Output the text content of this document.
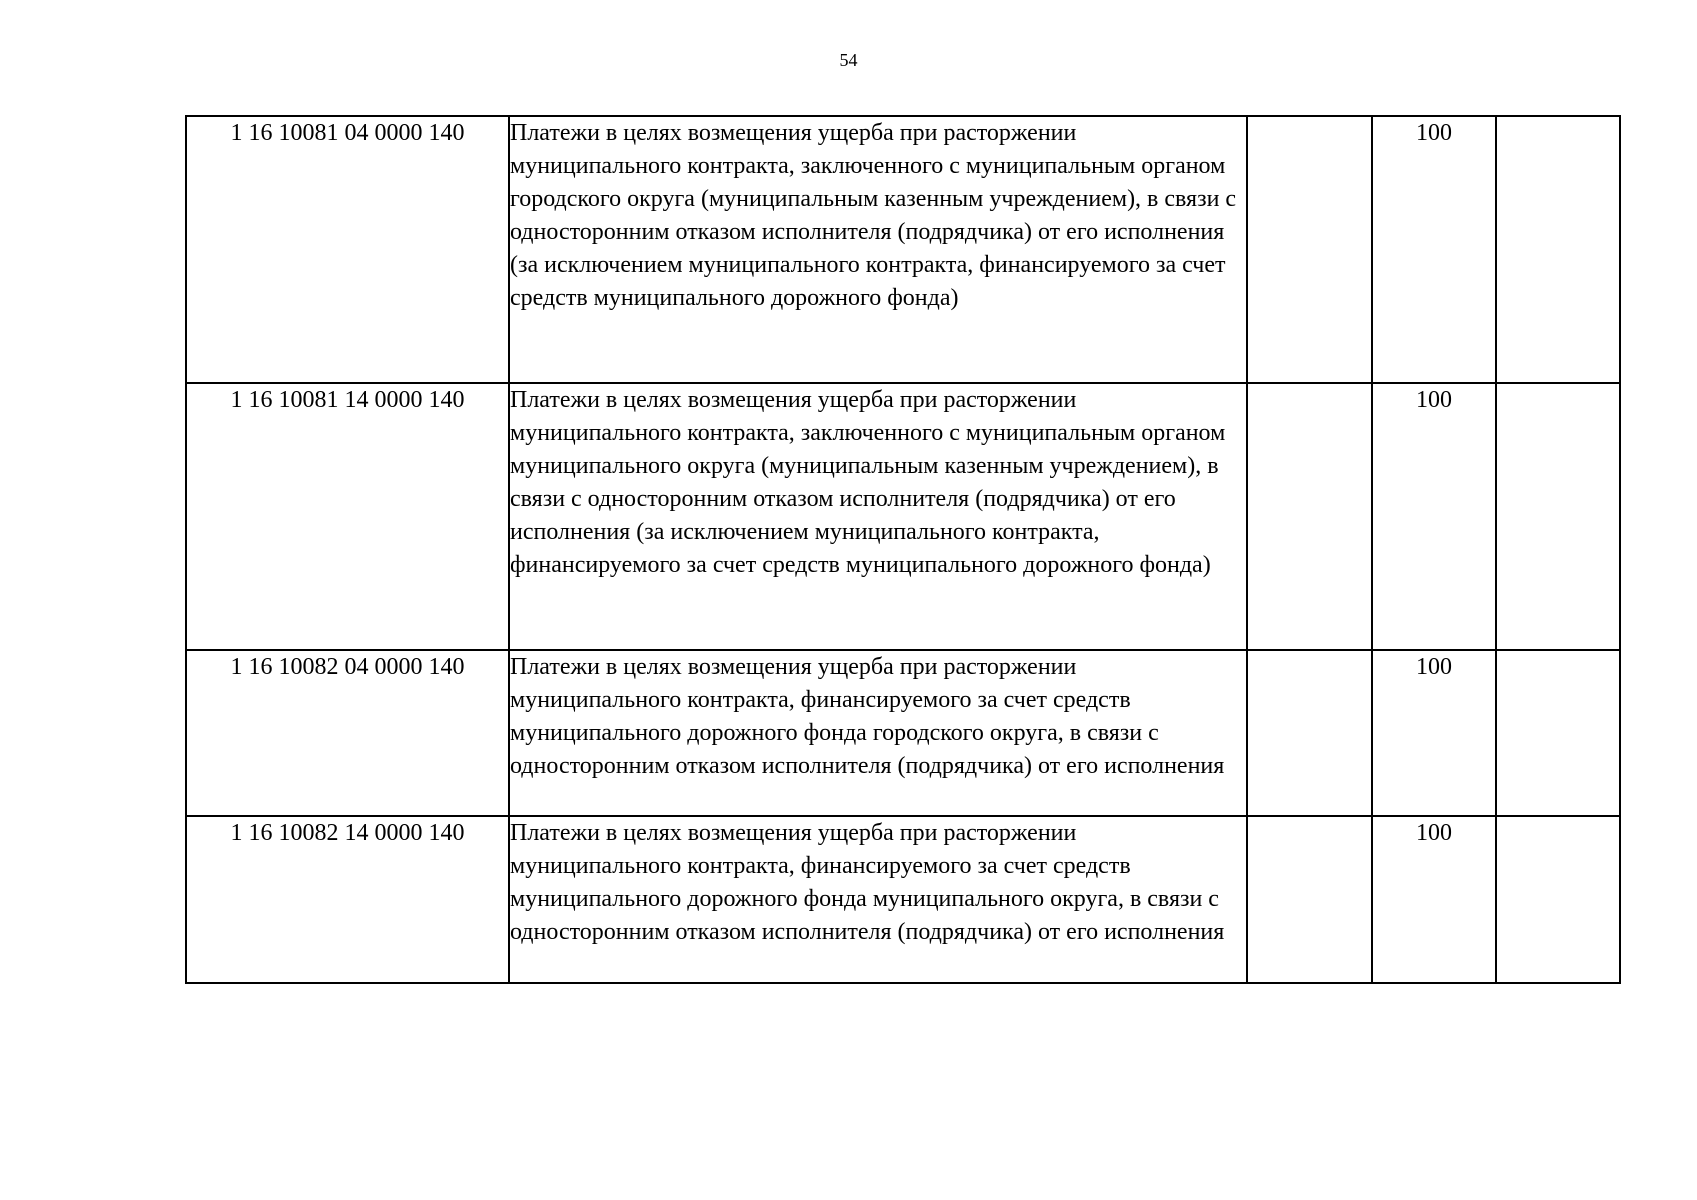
54
1 16 10081 04 0000 140	Платежи в целях возмещения ущерба при расторжении муниципального контракта, заключенного с муниципальным органом городского округа (муниципальным казенным учреждением), в связи с односторонним отказом исполнителя (подрядчика) от его исполнения (за исключением муниципального контракта, финансируемого за счет средств муниципального дорожного фонда)		100	
1 16 10081 14 0000 140	Платежи в целях возмещения ущерба при расторжении муниципального контракта, заключенного с муниципальным органом муниципального округа (муниципальным казенным учреждением), в связи с односторонним отказом исполнителя (подрядчика) от его исполнения (за исключением муниципального контракта, финансируемого за счет средств муниципального дорожного фонда)		100	
1 16 10082 04 0000 140	Платежи в целях возмещения ущерба при расторжении муниципального контракта, финансируемого за счет средств муниципального дорожного фонда городского округа, в связи с односторонним отказом исполнителя (подрядчика) от его исполнения		100	
1 16 10082 14 0000 140	Платежи в целях возмещения ущерба при расторжении муниципального контракта, финансируемого за счет средств муниципального дорожного фонда муниципального округа, в связи с односторонним отказом исполнителя (подрядчика) от его исполнения		100	
